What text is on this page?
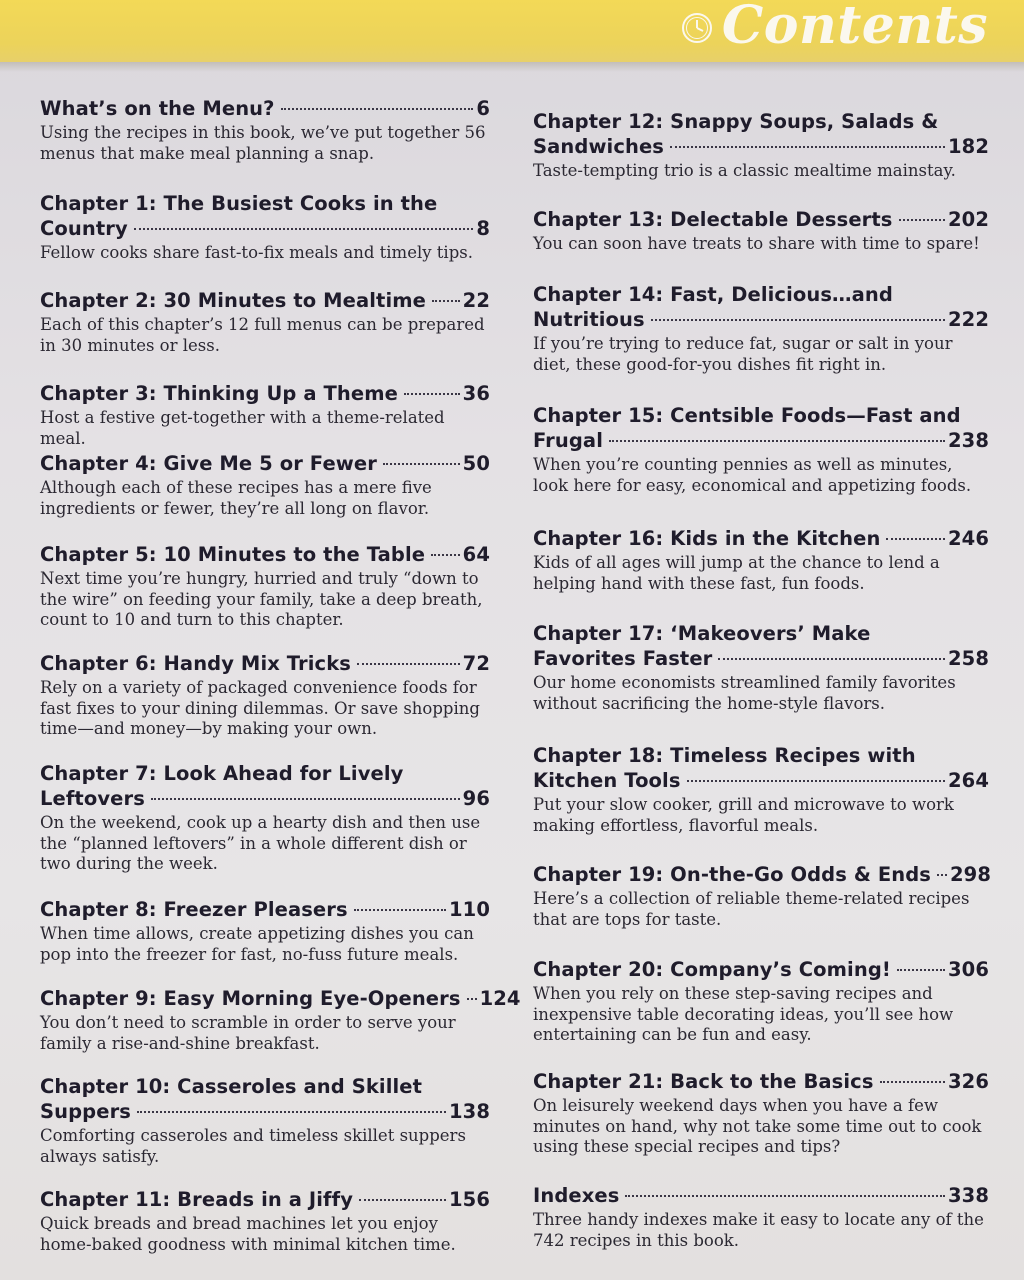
Contents
What’s on the Menu?	6
Using the recipes in this book, we’ve put together 56 menus that make meal planning a snap.
Chapter 1: The Busiest Cooks in the
Country	8
Fellow cooks share fast-to-fix meals and timely tips.
Chapter 2: 30 Minutes to Mealtime 22
Each of this chapter’s 12 full menus can be prepared in 30 minutes or less.
Chapter 3: Thinking Up a Theme	36
Host a festive get-together with a theme-related meal.
Chapter 4: Give Me 5 or Fewer	50
Although each of these recipes has a mere five ingredients or fewer, they’re all long on flavor.
Chapter 5: 10 Minutes to the Table 64
Next time you’re hungry, hurried and truly “down to the wire” on feeding your family, take a deep breath, count to 10 and turn to this chapter.
Chapter 6: Handy Mix Tricks	72
Rely on a variety of packaged convenience foods for fast fixes to your dining dilemmas. Or save shopping time—and money—by making your own.
Chapter 7: Look Ahead for Lively
Leftovers	96
On the weekend, cook up a hearty dish and then use the “planned leftovers” in a whole different dish or two during the week.
Chapter 8: Freezer Pleasers	110
When time allows, create appetizing dishes you can pop into the freezer for fast, no-fuss future meals.
Chapter 9: Easy Morning Eye-Openers 124
You don’t need to scramble in order to serve your family a rise-and-shine breakfast.
Chapter 10: Casseroles and Skillet
Suppers	138
Comforting casseroles and timeless skillet suppers always satisfy.
Chapter 11: Breads in a Jiffy	156
Quick breads and bread machines let you enjoy home-baked goodness with minimal kitchen time.
Chapter 12: Snappy Soups, Salads &
Sandwiches	182
Taste-tempting trio is a classic mealtime mainstay.
Chapter 13: Delectable Desserts	202
You can soon have treats to share with time to spare!
Chapter 14: Fast, Delicious…and
Nutritious	222
If you’re trying to reduce fat, sugar or salt in your diet, these good-for-you dishes fit right in.
Chapter 15: Centsible Foods—Fast and
Frugal	238
When you’re counting pennies as well as minutes, look here for easy, economical and appetizing foods.
Chapter 16: Kids in the Kitchen	246
Kids of all ages will jump at the chance to lend a helping hand with these fast, fun foods.
Chapter 17: ‘Makeovers’ Make
Favorites Faster	258
Our home economists streamlined family favorites without sacrificing the home-style flavors.
Chapter 18: Timeless Recipes with
Kitchen Tools	264
Put your slow cooker, grill and microwave to work making effortless, flavorful meals.
Chapter 19: On-the-Go Odds & Ends 298
Here’s a collection of reliable theme-related recipes that are tops for taste.
Chapter 20: Company’s Coming!	306
When you rely on these step-saving recipes and inexpensive table decorating ideas, you’ll see how entertaining can be fun and easy.
Chapter 21: Back to the Basics	326
On leisurely weekend days when you have a few minutes on hand, why not take some time out to cook using these special recipes and tips?
Indexes	338
Three handy indexes make it easy to locate any of the 742 recipes in this book.
